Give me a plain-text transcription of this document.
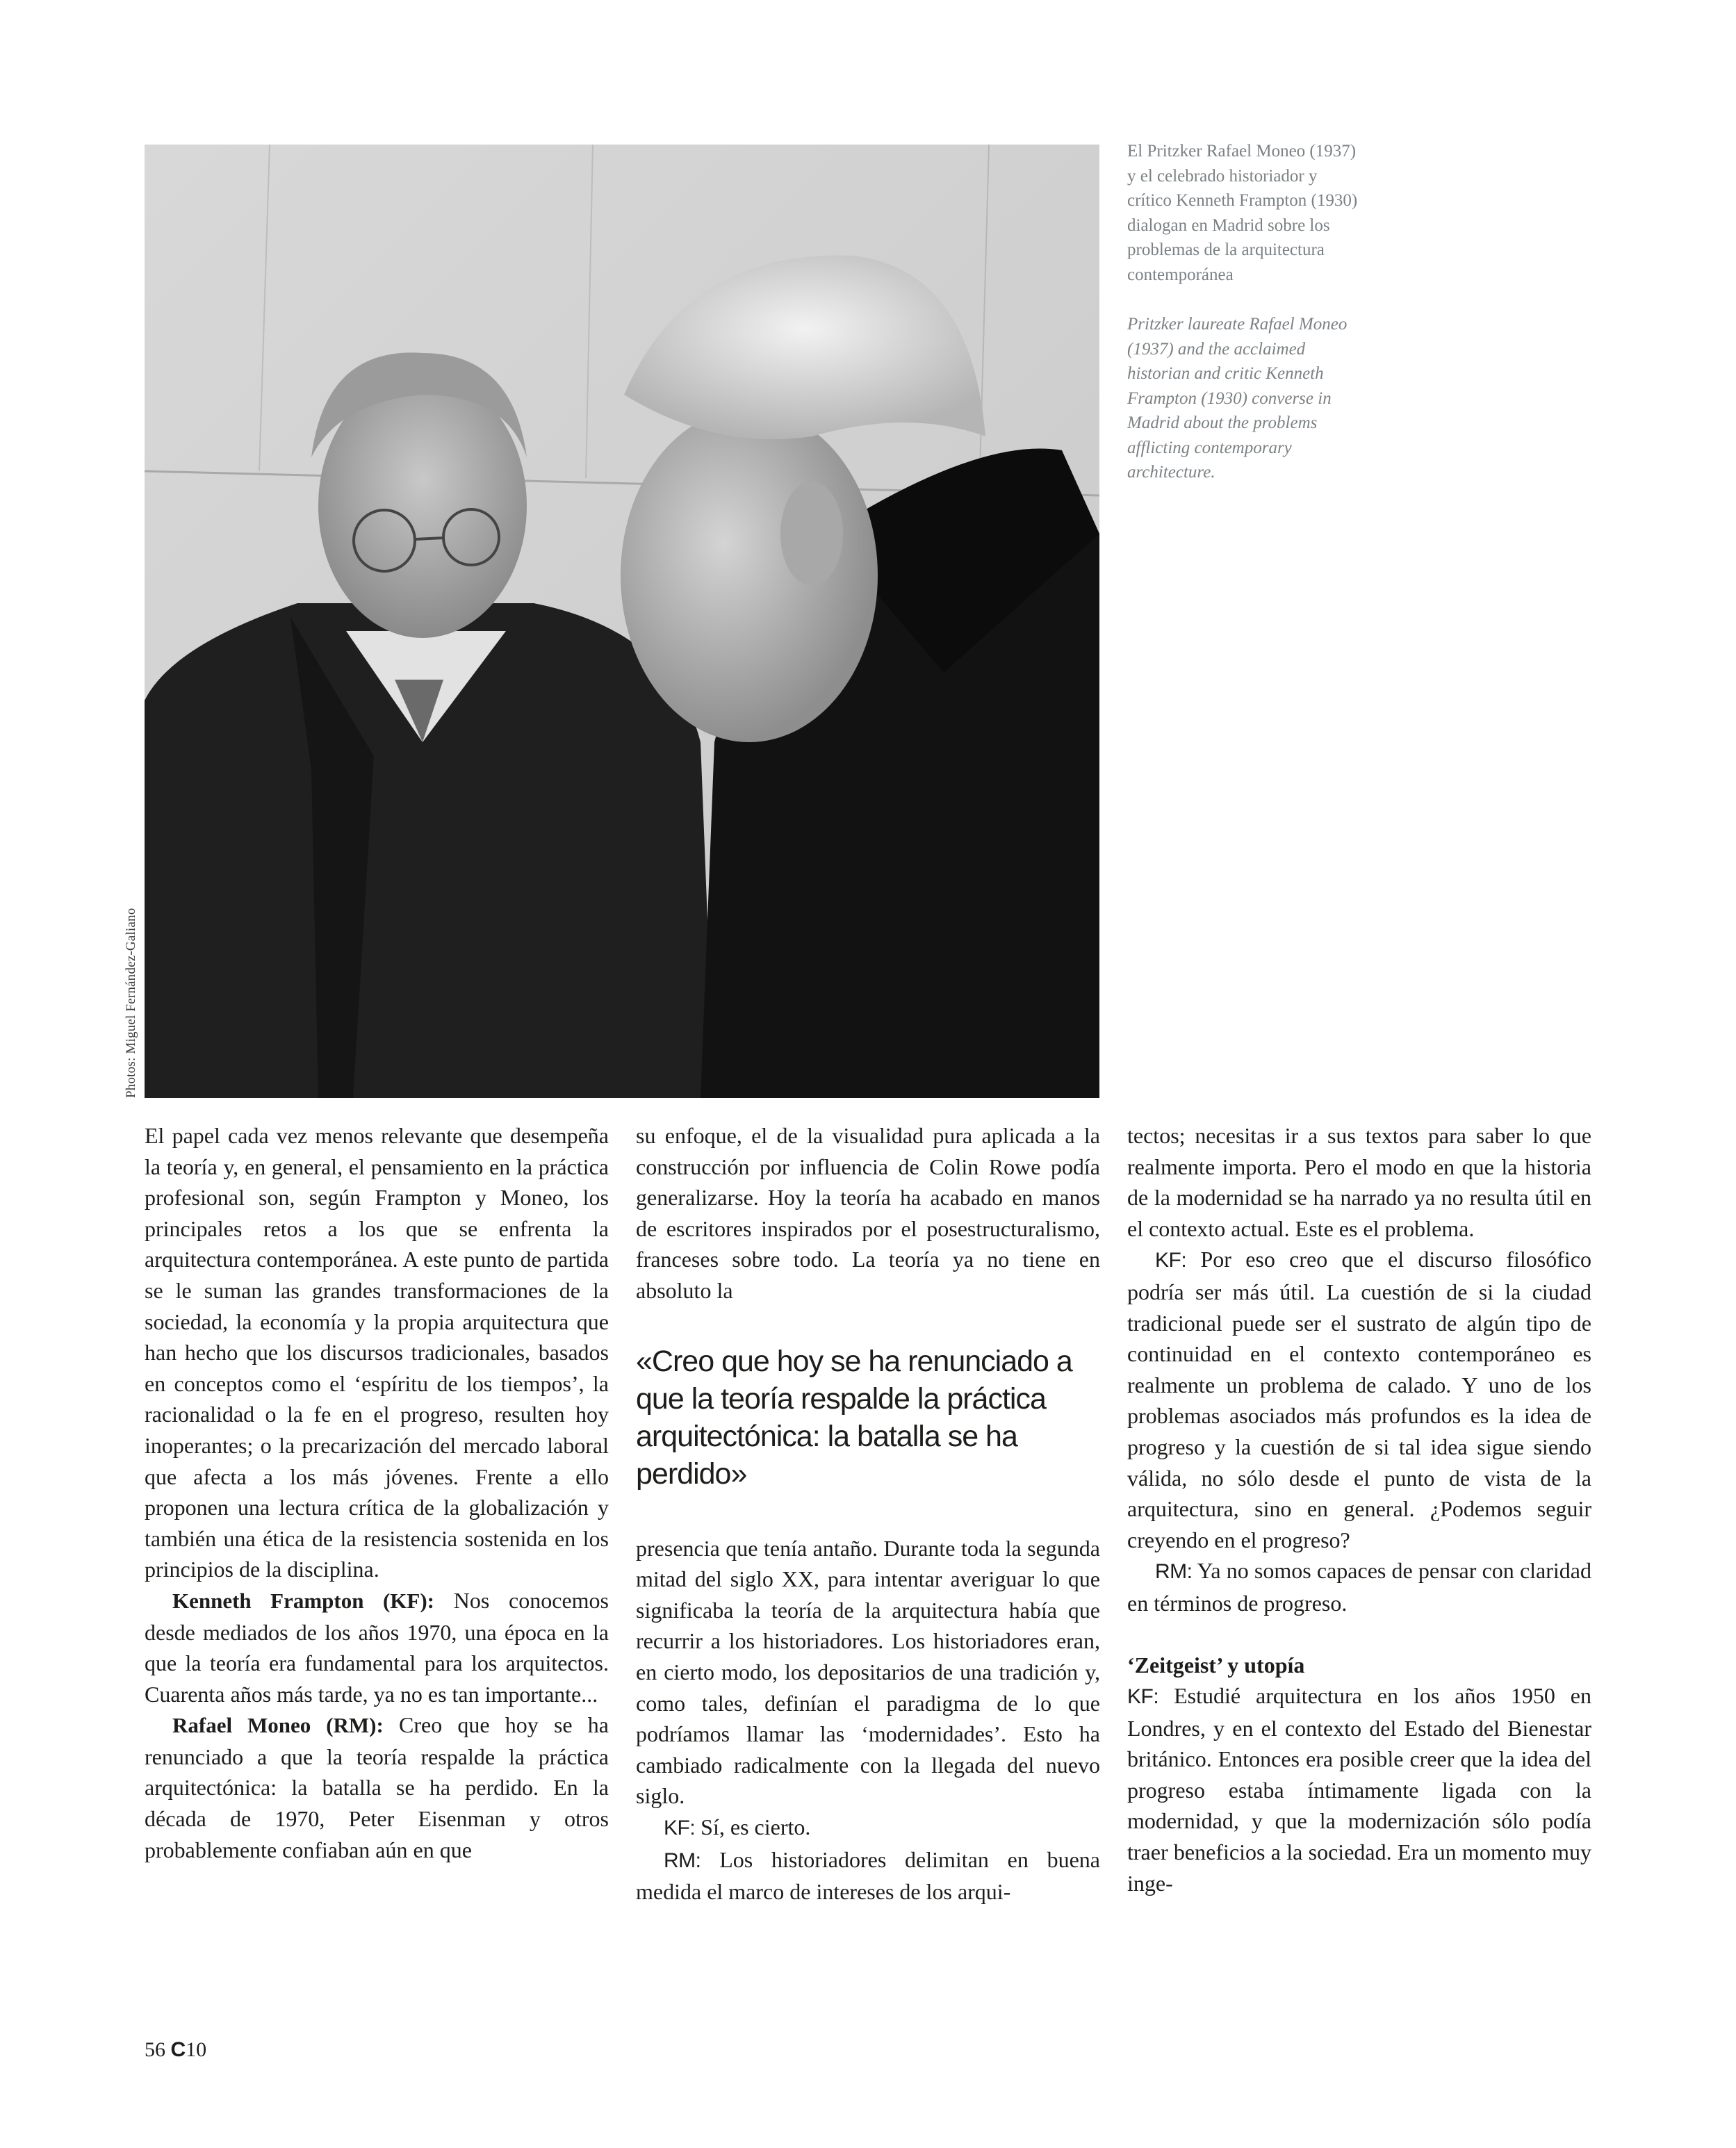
Photos: Miguel Fernández-Galiano

El Pritzker Rafael Moneo (1937) y el celebrado historiador y crítico Kenneth Frampton (1930) dialogan en Madrid sobre los problemas de la arquitectura contemporánea

Pritzker laureate Rafael Moneo (1937) and the acclaimed historian and critic Kenneth Frampton (1930) converse in Madrid about the problems afflicting contemporary architecture.

El papel cada vez menos relevante que desempeña la teoría y, en general, el pensamiento en la práctica profesional son, según Frampton y Moneo, los principales retos a los que se enfrenta la arquitectura contemporánea. A este punto de partida se le suman las grandes transformaciones de la sociedad, la economía y la propia arquitectura que han hecho que los discursos tradicionales, basados en conceptos como el ‘espíritu de los tiempos’, la racionalidad o la fe en el progreso, resulten hoy inoperantes; o la precarización del mercado laboral que afecta a los más jóvenes. Frente a ello proponen una lectura crítica de la globalización y también una ética de la resistencia sostenida en los principios de la disciplina.

Kenneth Frampton (KF): Nos conocemos desde mediados de los años 1970, una época en la que la teoría era fundamental para los arquitectos. Cuarenta años más tarde, ya no es tan importante...

Rafael Moneo (RM): Creo que hoy se ha renunciado a que la teoría respalde la práctica arquitectónica: la batalla se ha perdido. En la década de 1970, Peter Eisenman y otros probablemente confiaban aún en que

su enfoque, el de la visualidad pura aplicada a la construcción por influencia de Colin Rowe podía generalizarse. Hoy la teoría ha acabado en manos de escritores inspirados por el posestructuralismo, franceses sobre todo. La teoría ya no tiene en absoluto la

«Creo que hoy se ha renunciado a que la teoría respalde la práctica arquitectónica: la batalla se ha perdido»

presencia que tenía antaño. Durante toda la segunda mitad del siglo XX, para intentar averiguar lo que significaba la teoría de la arquitectura había que recurrir a los historiadores. Los historiadores eran, en cierto modo, los depositarios de una tradición y, como tales, definían el paradigma de lo que podríamos llamar las ‘modernidades’. Esto ha cambiado radicalmente con la llegada del nuevo siglo.

KF: Sí, es cierto.

RM: Los historiadores delimitan en buena medida el marco de intereses de los arqui-

tectos; necesitas ir a sus textos para saber lo que realmente importa. Pero el modo en que la historia de la modernidad se ha narrado ya no resulta útil en el contexto actual. Este es el problema.

KF: Por eso creo que el discurso filosófico podría ser más útil. La cuestión de si la ciudad tradicional puede ser el sustrato de algún tipo de continuidad en el contexto contemporáneo es realmente un problema de calado. Y uno de los problemas asociados más profundos es la idea de progreso y la cuestión de si tal idea sigue siendo válida, no sólo desde el punto de vista de la arquitectura, sino en general. ¿Podemos seguir creyendo en el progreso?

RM: Ya no somos capaces de pensar con claridad en términos de progreso.

‘Zeitgeist’ y utopía

KF: Estudié arquitectura en los años 1950 en Londres, y en el contexto del Estado del Bienestar británico. Entonces era posible creer que la idea del progreso estaba íntimamente ligada con la modernidad, y que la modernización sólo podía traer beneficios a la sociedad. Era un momento muy inge-

56 C10
